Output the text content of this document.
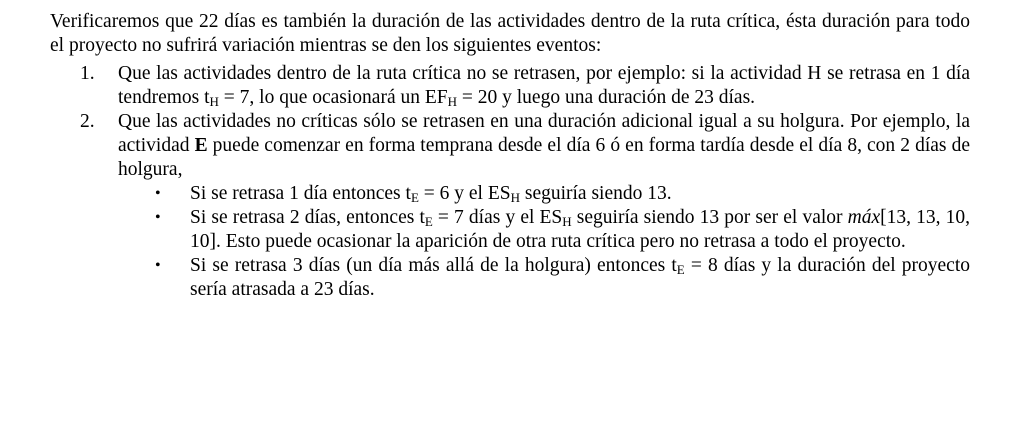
Verificaremos que 22 días es también la duración de las actividades dentro de la ruta crítica, ésta duración para todo el proyecto no sufrirá variación mientras se den los siguientes eventos:

1. Que las actividades dentro de la ruta crítica no se retrasen, por ejemplo: si la actividad H se retrasa en 1 día tendremos $t_H = 7$, lo que ocasionará un $EF_H = 20$ y luego una duración de 23 días.
2. Que las actividades no críticas sólo se retrasen en una duración adicional igual a su holgura. Por ejemplo, la actividad E puede comenzar en forma temprana desde el día 6 ó en forma tardía desde el día 8, con 2 días de holgura,
• Si se retrasa 1 día entonces $t_E = 6$ y el $ES_H$ seguiría siendo 13.
• Si se retrasa 2 días, entonces $t_E = 7$ días y el $ES_H$ seguiría siendo 13 por ser el valor máx[13, 13, 10, 10]. Esto puede ocasionar la aparición de otra ruta crítica pero no retrasa a todo el proyecto.
• Si se retrasa 3 días (un día más allá de la holgura) entonces $t_E = 8$ días y la duración del proyecto sería atrasada a 23 días.
